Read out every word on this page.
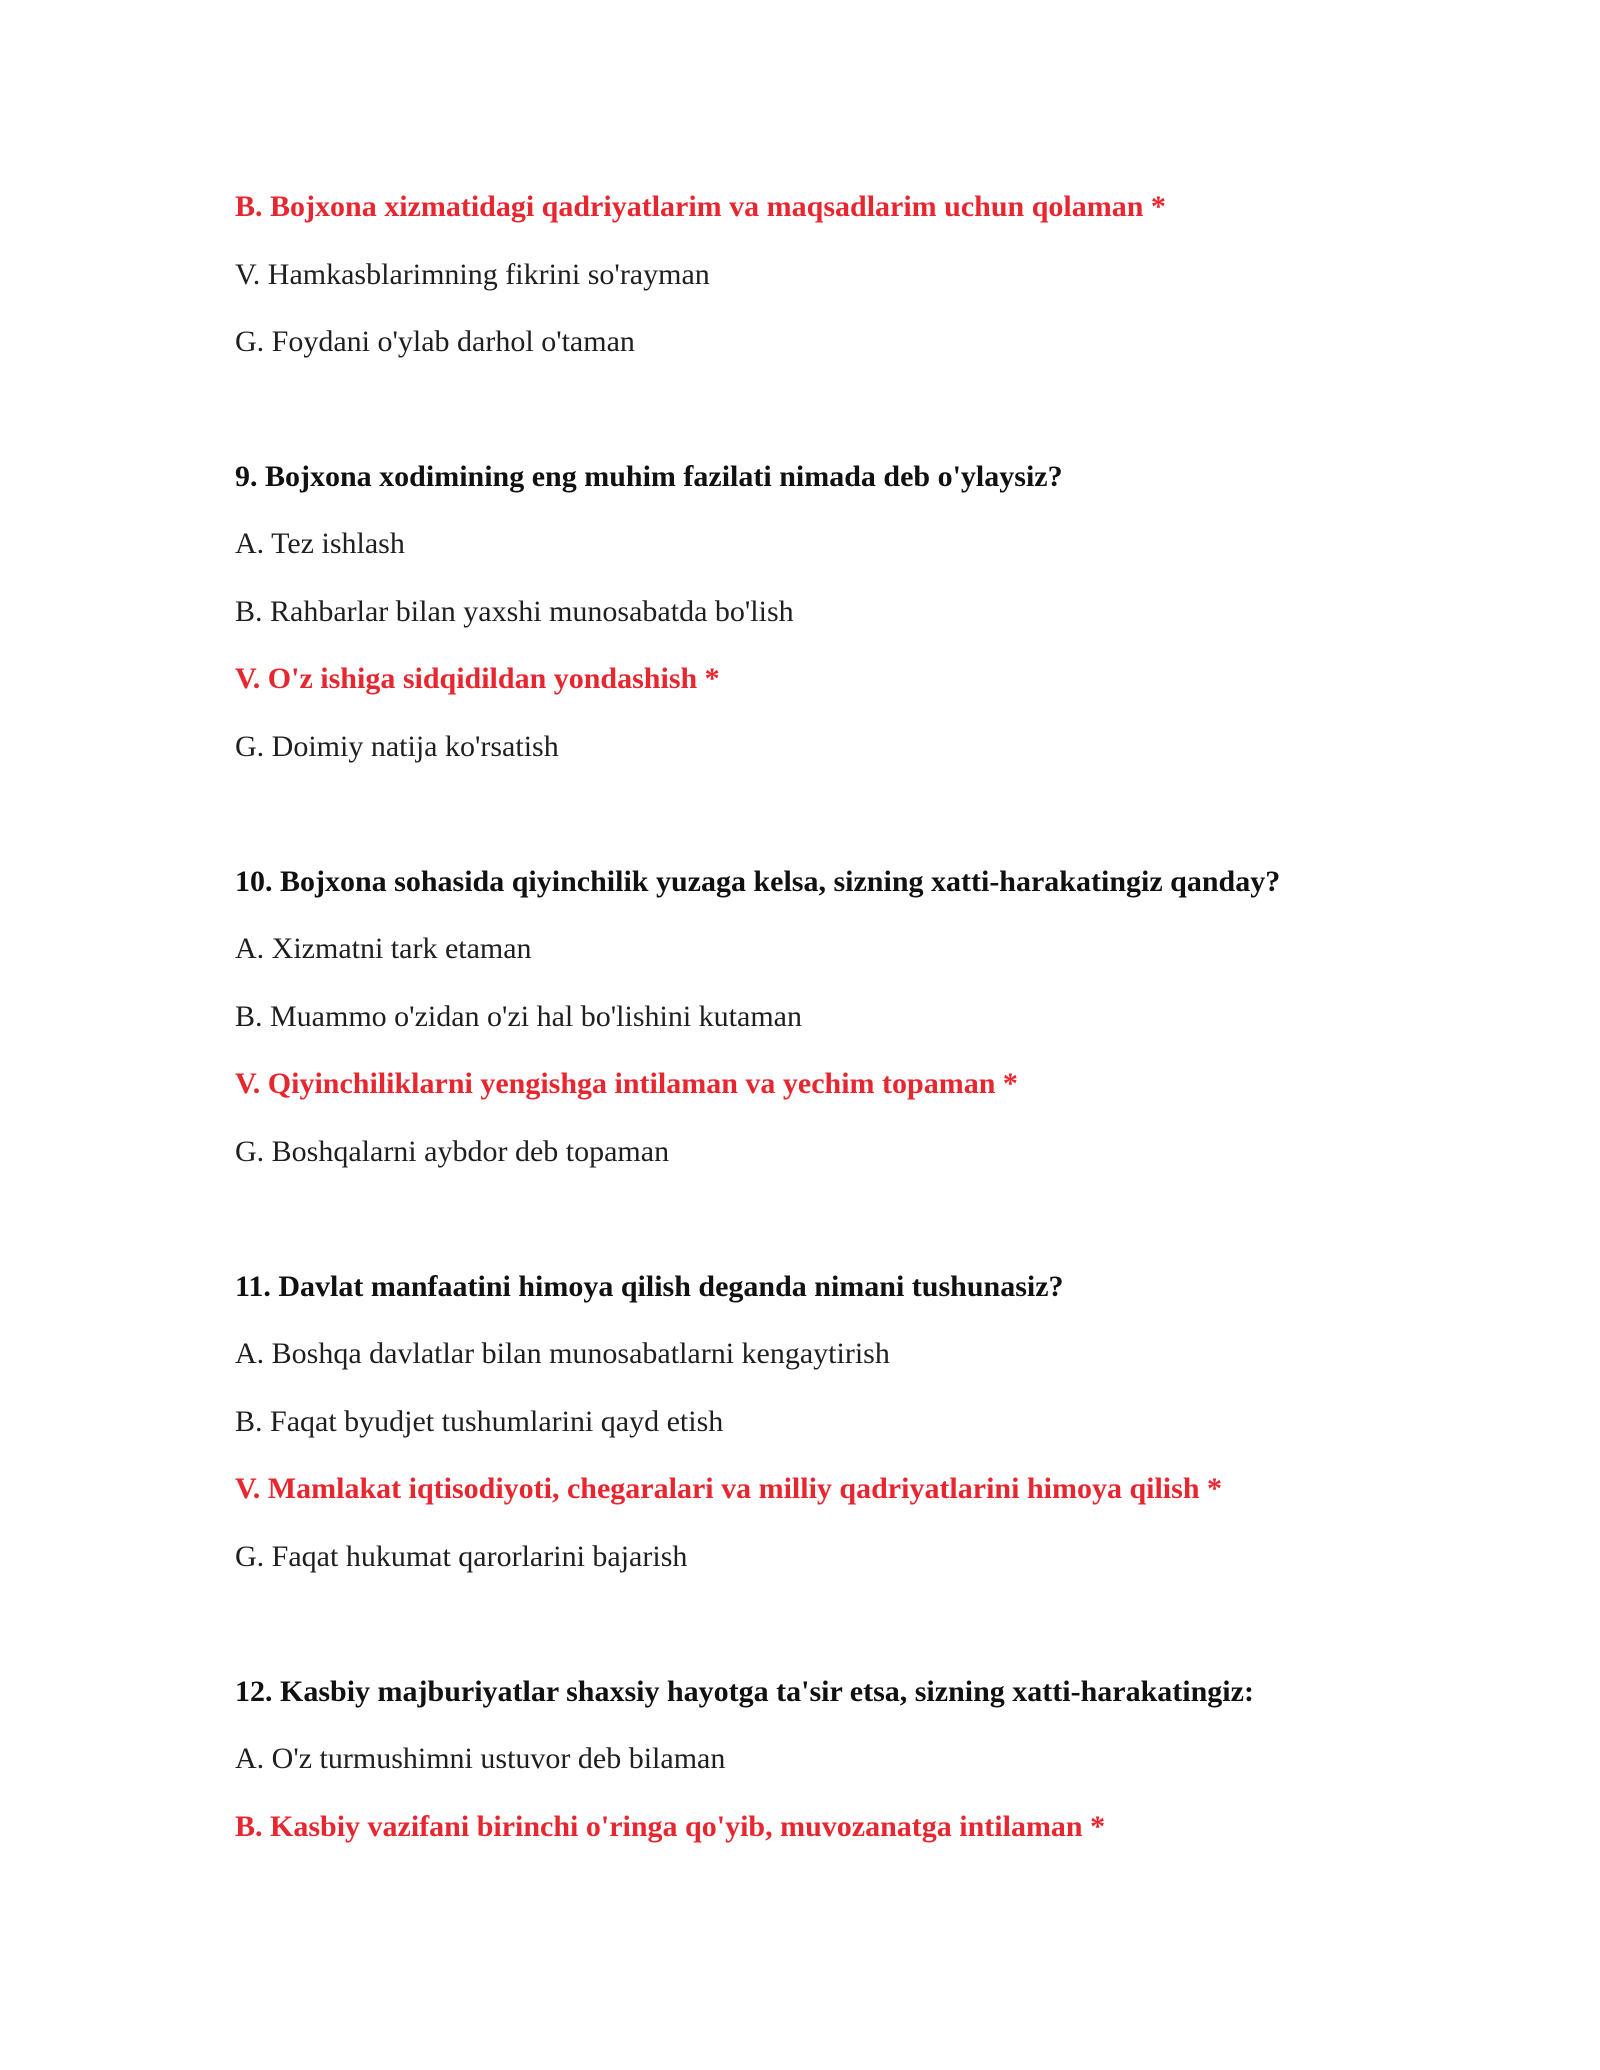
B. Bojxona xizmatidagi qadriyatlarim va maqsadlarim uchun qolaman *
V. Hamkasblarimning fikrini so'rayman
G. Foydani o'ylab darhol o'taman
9. Bojxona xodimining eng muhim fazilati nimada deb o'ylaysiz?
A. Tez ishlash
B. Rahbarlar bilan yaxshi munosabatda bo'lish
V. O'z ishiga sidqidildan yondashish *
G. Doimiy natija ko'rsatish
10. Bojxona sohasida qiyinchilik yuzaga kelsa, sizning xatti-harakatingiz qanday?
A. Xizmatni tark etaman
B. Muammo o'zidan o'zi hal bo'lishini kutaman
V. Qiyinchiliklarni yengishga intilaman va yechim topaman *
G. Boshqalarni aybdor deb topaman
11. Davlat manfaatini himoya qilish deganda nimani tushunasiz?
A. Boshqa davlatlar bilan munosabatlarni kengaytirish
B. Faqat byudjet tushumlarini qayd etish
V. Mamlakat iqtisodiyoti, chegaralari va milliy qadriyatlarini himoya qilish *
G. Faqat hukumat qarorlarini bajarish
12. Kasbiy majburiyatlar shaxsiy hayotga ta'sir etsa, sizning xatti-harakatingiz:
A. O'z turmushimni ustuvor deb bilaman
B. Kasbiy vazifani birinchi o'ringa qo'yib, muvozanatga intilaman *
